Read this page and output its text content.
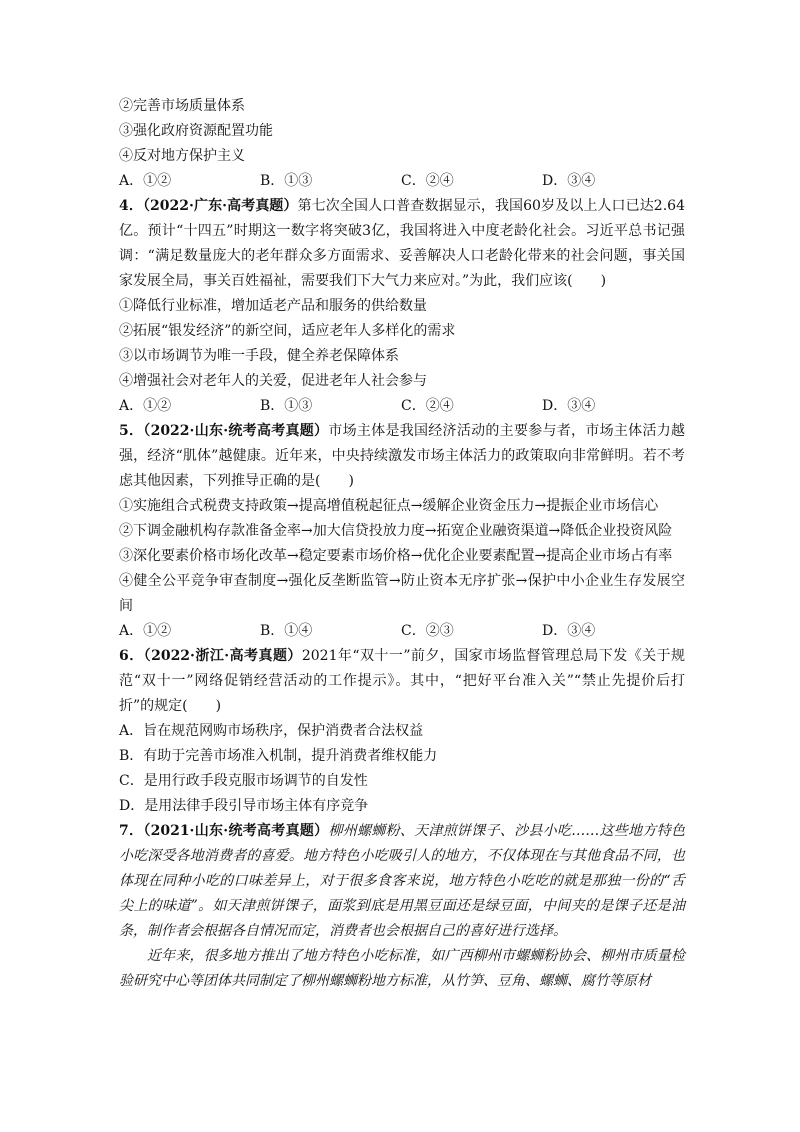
②完善市场质量体系
③强化政府资源配置功能
④反对地方保护主义
A．①②	B．①③	C．②④	D．③④

4．（2022·广东·高考真题）第七次全国人口普查数据显示，我国60岁及以上人口已达2.64亿。预计“十四五”时期这一数字将突破3亿，我国将进入中度老龄化社会。习近平总书记强调：“满足数量庞大的老年群众多方面需求、妥善解决人口老龄化带来的社会问题，事关国家发展全局，事关百姓福祉，需要我们下大气力来应对。”为此，我们应该(　　)

①降低行业标准，增加适老产品和服务的供给数量
②拓展“银发经济”的新空间，适应老年人多样化的需求
③以市场调节为唯一手段，健全养老保障体系
④增强社会对老年人的关爱，促进老年人社会参与
A．①②	B．①③	C．②④	D．③④

5．（2022·山东·统考高考真题）市场主体是我国经济活动的主要参与者，市场主体活力越强，经济“肌体”越健康。近年来，中央持续激发市场主体活力的政策取向非常鲜明。若不考虑其他因素，下列推导正确的是(　　)

①实施组合式税费支持政策→提高增值税起征点→缓解企业资金压力→提振企业市场信心

②下调金融机构存款准备金率→加大信贷投放力度→拓宽企业融资渠道→降低企业投资风险

③深化要素价格市场化改革→稳定要素市场价格→优化企业要素配置→提高企业市场占有率

④健全公平竞争审查制度→强化反垄断监管→防止资本无序扩张→保护中小企业生存发展空间

A．①②	B．①④	C．②③	D．③④

6．（2022·浙江·高考真题）2021年“双十一”前夕，国家市场监督管理总局下发《关于规范“双十一”网络促销经营活动的工作提示》。其中，“把好平台准入关”“禁止先提价后打折”的规定(　　)

A．旨在规范网购市场秩序，保护消费者合法权益
B．有助于完善市场准入机制，提升消费者维权能力
C．是用行政手段克服市场调节的自发性
D．是用法律手段引导市场主体有序竞争

7．（2021·山东·统考高考真题）柳州螺蛳粉、天津煎饼馃子、沙县小吃……这些地方特色小吃深受各地消费者的喜爱。地方特色小吃吸引人的地方，不仅体现在与其他食品不同，也体现在同种小吃的口味差异上，对于很多食客来说，地方特色小吃吃的就是那独一份的“舌尖上的味道”。如天津煎饼馃子，面浆到底是用黑豆面还是绿豆面，中间夹的是馃子还是油条，制作者会根据各自情况而定，消费者也会根据自己的喜好进行选择。

近年来，很多地方推出了地方特色小吃标准，如广西柳州市螺蛳粉协会、柳州市质量检验研究中心等团体共同制定了柳州螺蛳粉地方标准，从竹笋、豆角、螺蛳、腐竹等原材
